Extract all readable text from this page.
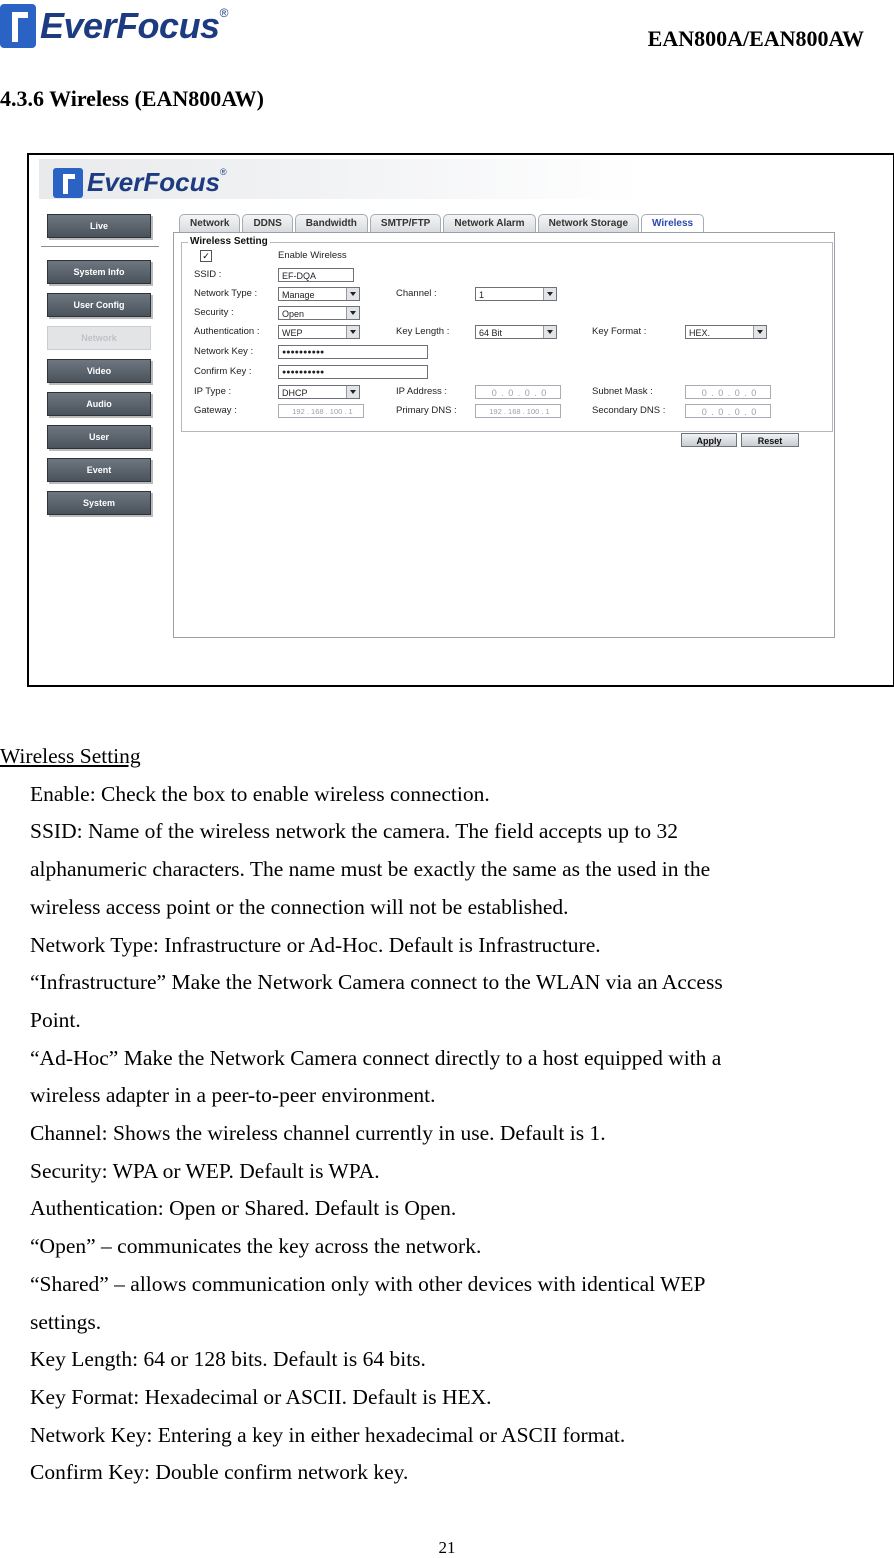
EverFocus ®
EAN800A/EAN800AW
4.3.6 Wireless (EAN800AW)
EverFocus ®
Live
System Info
User Config
Network
Video
Audio
User
Event
System
Network	DDNS	Bandwidth	SMTP/FTP	Network Alarm	Network Storage	Wireless
Wireless Setting
✓	Enable Wireless
SSID :	EF-DQA
Network Type :	Manage	Channel :	1
Security :	Open
Authentication :	WEP	Key Length :	64 Bit	Key Format :	HEX.
Network Key :	●●●●●●●●●●
Confirm Key :	●●●●●●●●●●
IP Type :	DHCP	IP Address :	0 . 0 . 0 . 0	Subnet Mask :	0 . 0 . 0 . 0
Gateway :	192 . 168 . 100 . 1	Primary DNS :	192 . 168 . 100 . 1	Secondary DNS :	0 . 0 . 0 . 0
Apply	Reset
Wireless Setting
Enable: Check the box to enable wireless connection.
SSID: Name of the wireless network the camera. The field accepts up to 32
alphanumeric characters. The name must be exactly the same as the used in the
wireless access point or the connection will not be established.
Network Type: Infrastructure or Ad-Hoc. Default is Infrastructure.
“Infrastructure” Make the Network Camera connect to the WLAN via an Access
Point.
“Ad-Hoc” Make the Network Camera connect directly to a host equipped with a
wireless adapter in a peer-to-peer environment.
Channel: Shows the wireless channel currently in use. Default is 1.
Security: WPA or WEP. Default is WPA.
Authentication: Open or Shared. Default is Open.
“Open” – communicates the key across the network.
“Shared” – allows communication only with other devices with identical WEP
settings.
Key Length: 64 or 128 bits. Default is 64 bits.
Key Format: Hexadecimal or ASCII. Default is HEX.
Network Key: Entering a key in either hexadecimal or ASCII format.
Confirm Key: Double confirm network key.
21
